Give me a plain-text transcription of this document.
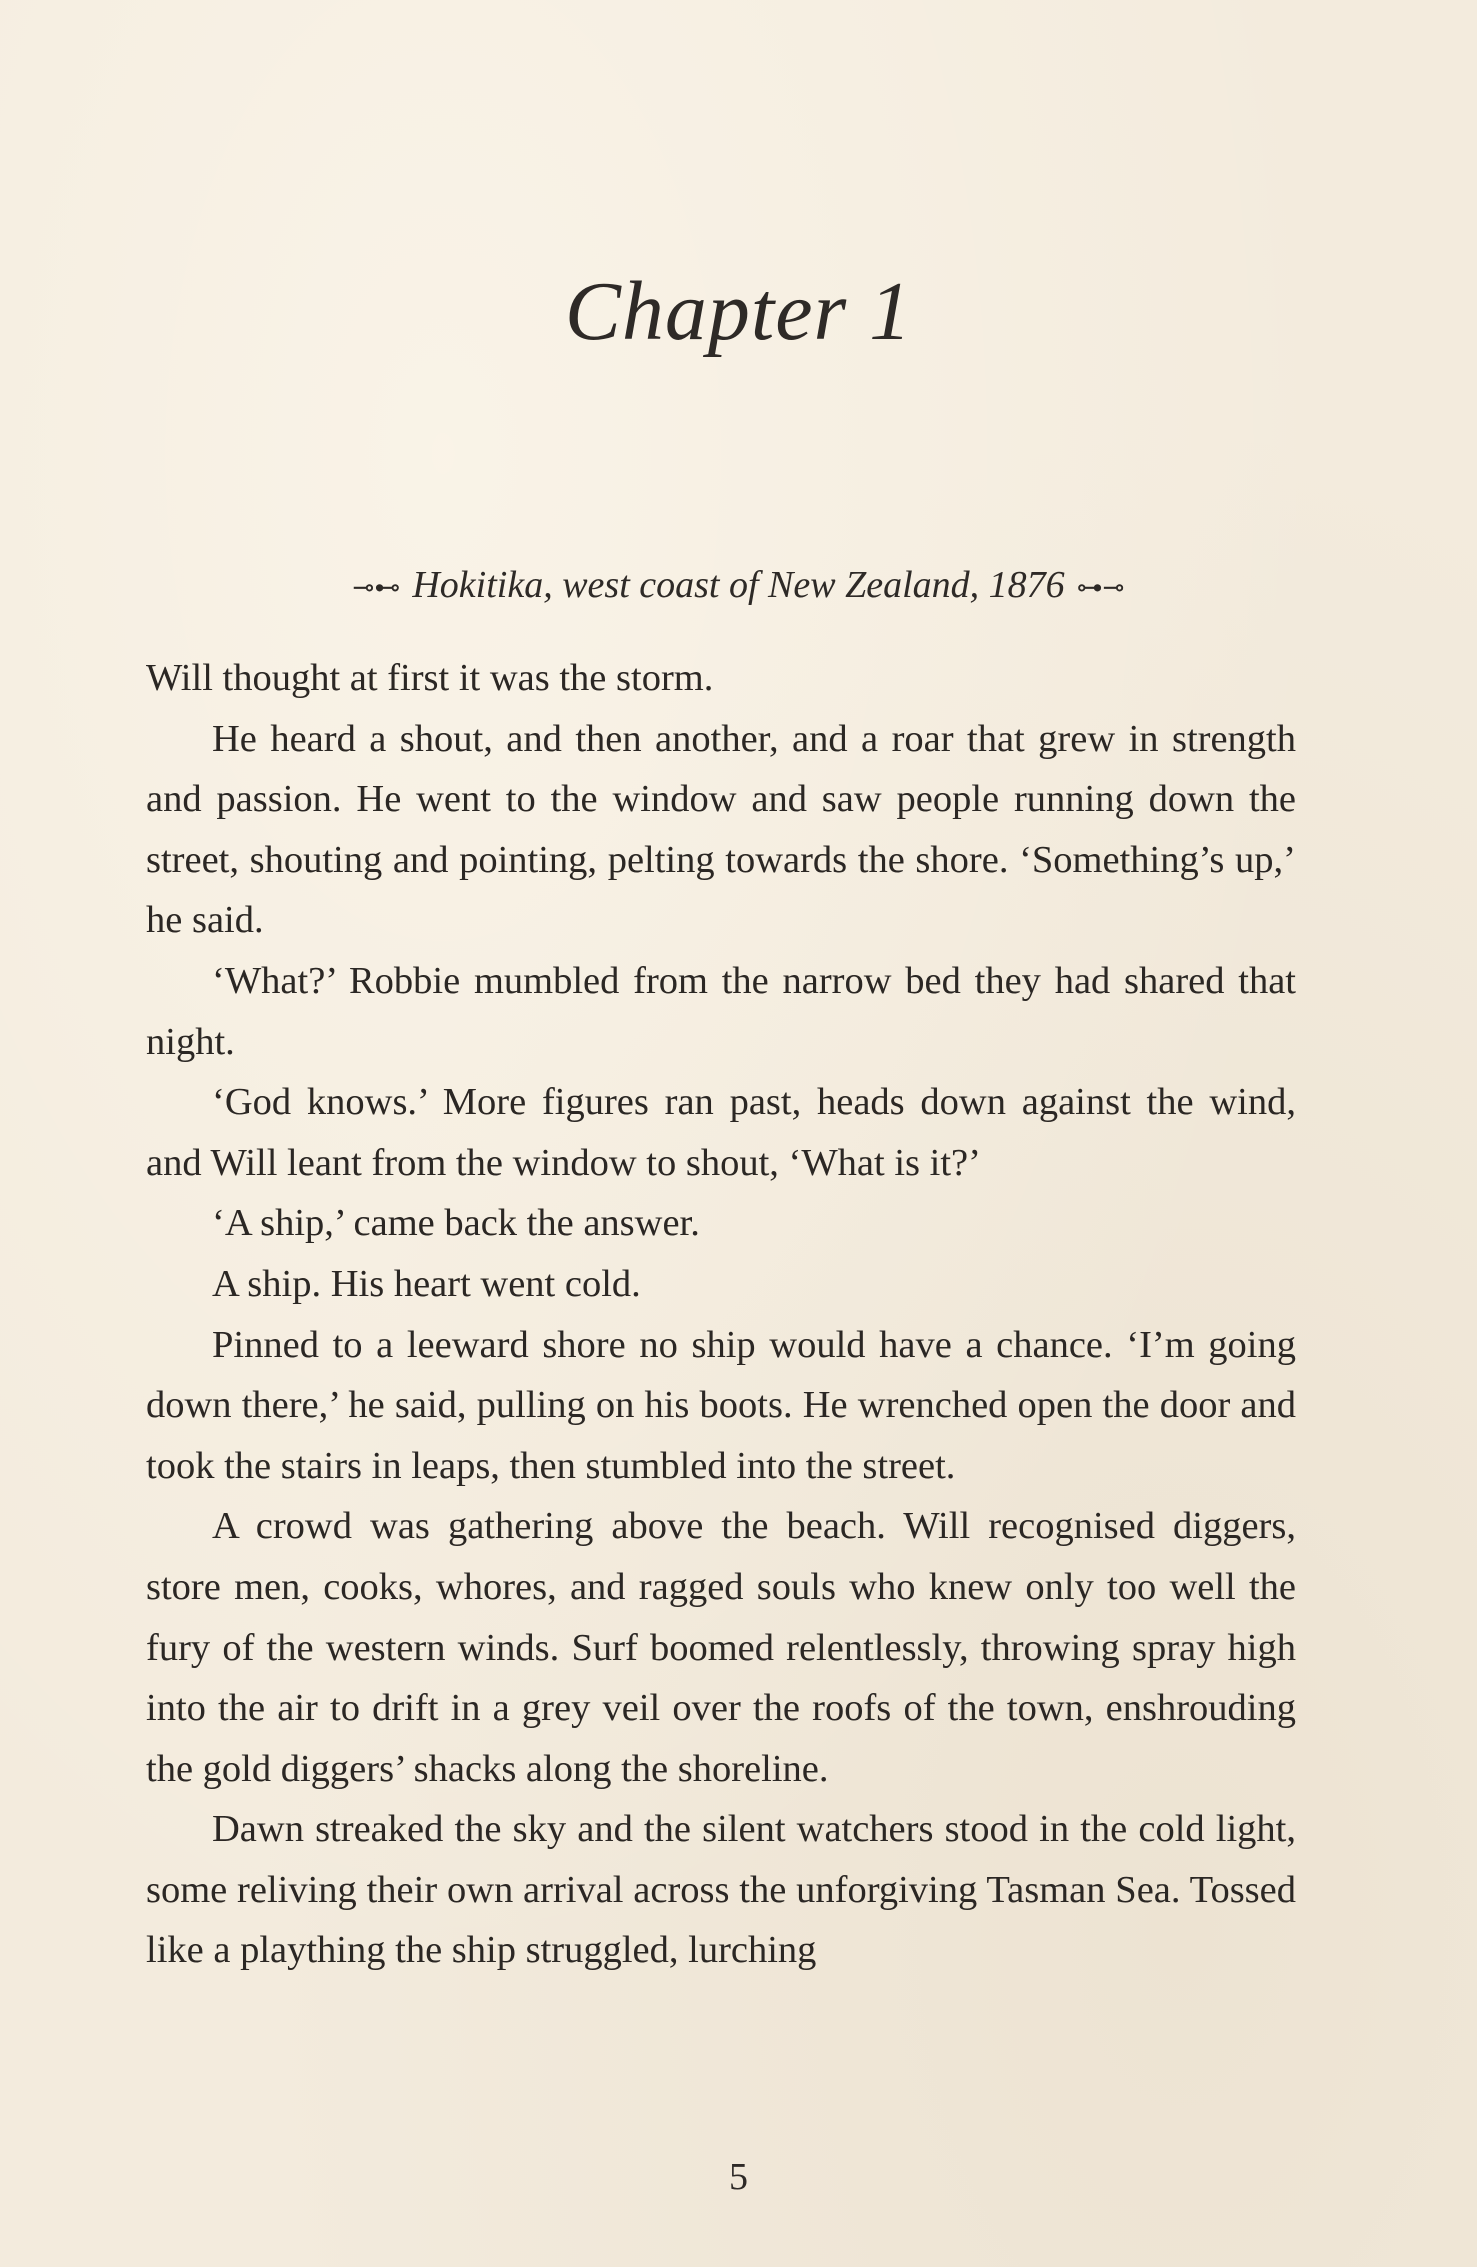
Chapter 1
⊸⊷ Hokitika, west coast of New Zealand, 1876 ⊶⊸

Will thought at first it was the storm.

He heard a shout, and then another, and a roar that grew in strength and passion. He went to the window and saw people running down the street, shouting and pointing, pelting towards the shore. ‘Something’s up,’ he said.

‘What?’ Robbie mumbled from the narrow bed they had shared that night.

‘God knows.’ More figures ran past, heads down against the wind, and Will leant from the window to shout, ‘What is it?’

‘A ship,’ came back the answer.

A ship. His heart went cold.

Pinned to a leeward shore no ship would have a chance. ‘I’m going down there,’ he said, pulling on his boots. He wrenched open the door and took the stairs in leaps, then stumbled into the street.

A crowd was gathering above the beach. Will recognised diggers, store men, cooks, whores, and ragged souls who knew only too well the fury of the western winds. Surf boomed relentlessly, throwing spray high into the air to drift in a grey veil over the roofs of the town, enshrouding the gold diggers’ shacks along the shoreline.

Dawn streaked the sky and the silent watchers stood in the cold light, some reliving their own arrival across the unforgiving Tasman Sea. Tossed like a plaything the ship struggled, lurching

5
